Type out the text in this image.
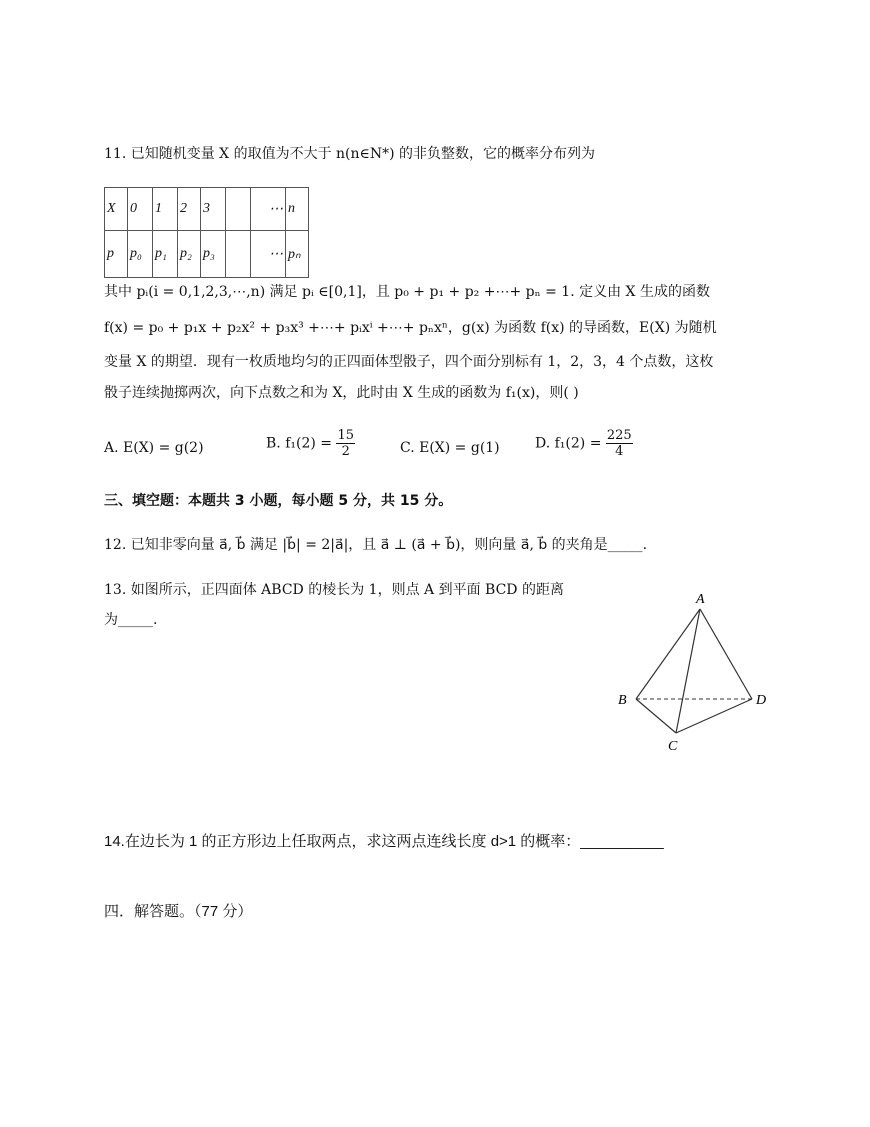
11. 已知随机变量 X 的取值为不大于 n(n∈N*) 的非负整数，它的概率分布列为
X	0	1	2	3		⋯	n
p	p₀	p₁	p₂	p₃		⋯	pₙ
其中 pᵢ(i = 0,1,2,3,⋯,n) 满足 pᵢ ∈[0,1]，且 p₀ + p₁ + p₂ +⋯+ pₙ = 1. 定义由 X 生成的函数
f(x) = p₀ + p₁x + p₂x² + p₃x³ +⋯+ pᵢxⁱ +⋯+ pₙxⁿ，g(x) 为函数 f(x) 的导函数，E(X) 为随机
变量 X 的期望．现有一枚质地均匀的正四面体型骰子，四个面分别标有 1，2，3，4 个点数，这枚
骰子连续抛掷两次，向下点数之和为 X，此时由 X 生成的函数为 f₁(x)，则( )
A. E(X) = g(2)	B. $f_1(2) = \frac{15}{2}$	C. E(X) = g(1)	D. $f_1(2) = \frac{225}{4}$
三、填空题：本题共 3 小题，每小题 5 分，共 15 分。
12. 已知非零向量 a⃗, b⃗ 满足 |b⃗| = 2|a⃗|，且 a⃗ ⊥ (a⃗ + b⃗)，则向量 a⃗, b⃗ 的夹角是_____.
13. 如图所示，正四面体 ABCD 的棱长为 1，则点 A 到平面 BCD 的距离
为_____.
A
B	D
C
14.在边长为 1 的正方形边上任取两点，求这两点连线长度 d>1 的概率：__________
四．解答题。（77 分）
